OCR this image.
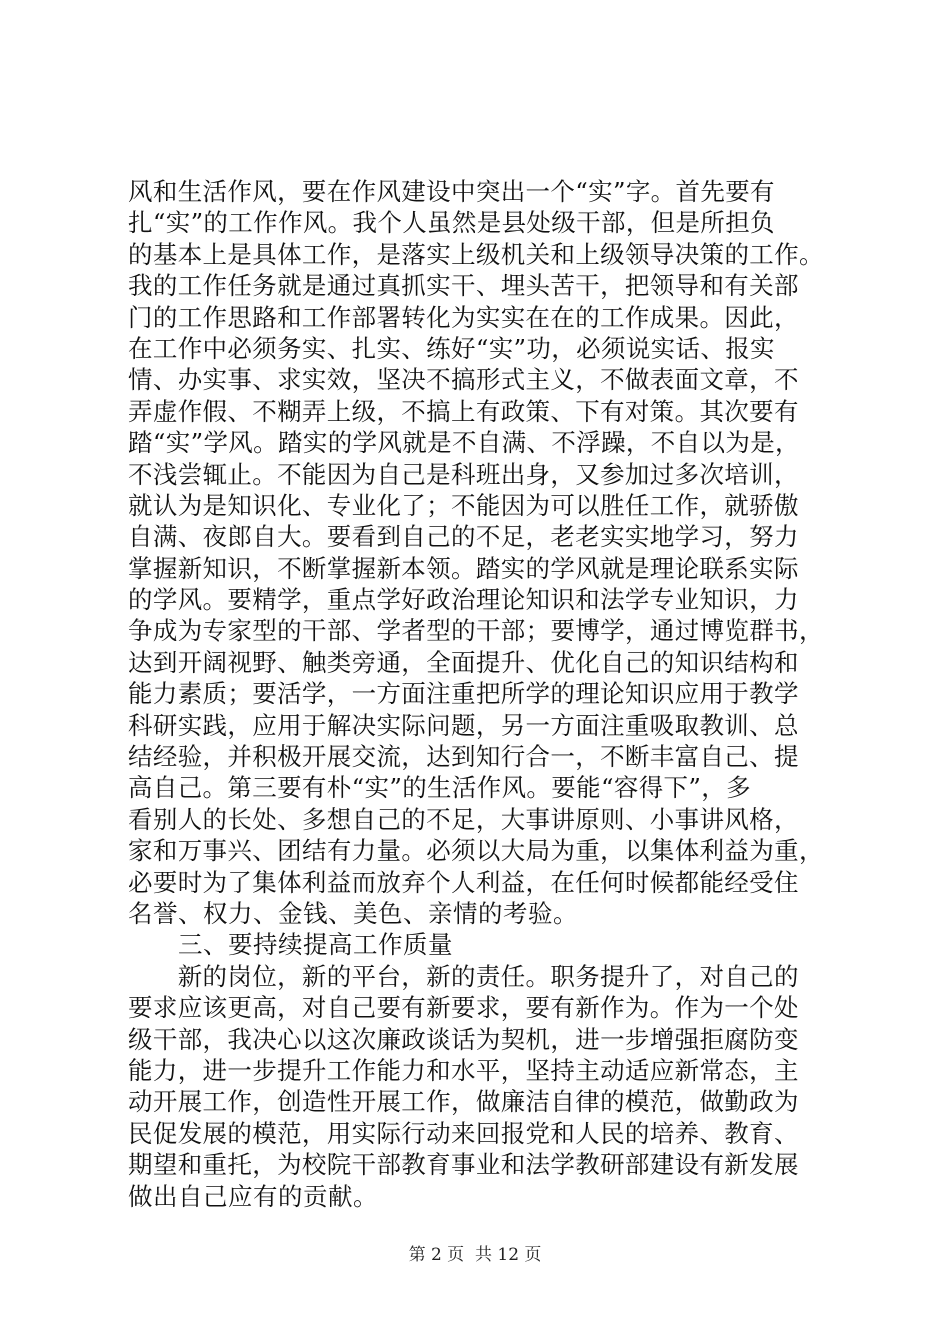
风和生活作风，要在作风建设中突出一个“实”字。首先要有
扎“实”的工作作风。我个人虽然是县处级干部，但是所担负
的基本上是具体工作，是落实上级机关和上级领导决策的工作。
我的工作任务就是通过真抓实干、埋头苦干，把领导和有关部
门的工作思路和工作部署转化为实实在在的工作成果。因此，
在工作中必须务实、扎实、练好“实”功，必须说实话、报实
情、办实事、求实效，坚决不搞形式主义，不做表面文章，不
弄虚作假、不糊弄上级，不搞上有政策、下有对策。其次要有
踏“实”学风。踏实的学风就是不自满、不浮躁，不自以为是，
不浅尝辄止。不能因为自己是科班出身，又参加过多次培训，
就认为是知识化、专业化了；不能因为可以胜任工作，就骄傲
自满、夜郎自大。要看到自己的不足，老老实实地学习，努力
掌握新知识，不断掌握新本领。踏实的学风就是理论联系实际
的学风。要精学，重点学好政治理论知识和法学专业知识，力
争成为专家型的干部、学者型的干部；要博学，通过博览群书，
达到开阔视野、触类旁通，全面提升、优化自己的知识结构和
能力素质；要活学，一方面注重把所学的理论知识应用于教学
科研实践，应用于解决实际问题，另一方面注重吸取教训、总
结经验，并积极开展交流，达到知行合一，不断丰富自己、提
高自己。第三要有朴“实”的生活作风。要能“容得下”，多
看别人的长处、多想自己的不足，大事讲原则、小事讲风格，
家和万事兴、团结有力量。必须以大局为重，以集体利益为重，
必要时为了集体利益而放弃个人利益，在任何时候都能经受住
名誉、权力、金钱、美色、亲情的考验。
　　三、要持续提高工作质量
　　新的岗位，新的平台，新的责任。职务提升了，对自己的
要求应该更高，对自己要有新要求，要有新作为。作为一个处
级干部，我决心以这次廉政谈话为契机，进一步增强拒腐防变
能力，进一步提升工作能力和水平，坚持主动适应新常态，主
动开展工作，创造性开展工作，做廉洁自律的模范，做勤政为
民促发展的模范，用实际行动来回报党和人民的培养、教育、
期望和重托，为校院干部教育事业和法学教研部建设有新发展
做出自己应有的贡献。
第 2 页  共 12 页
